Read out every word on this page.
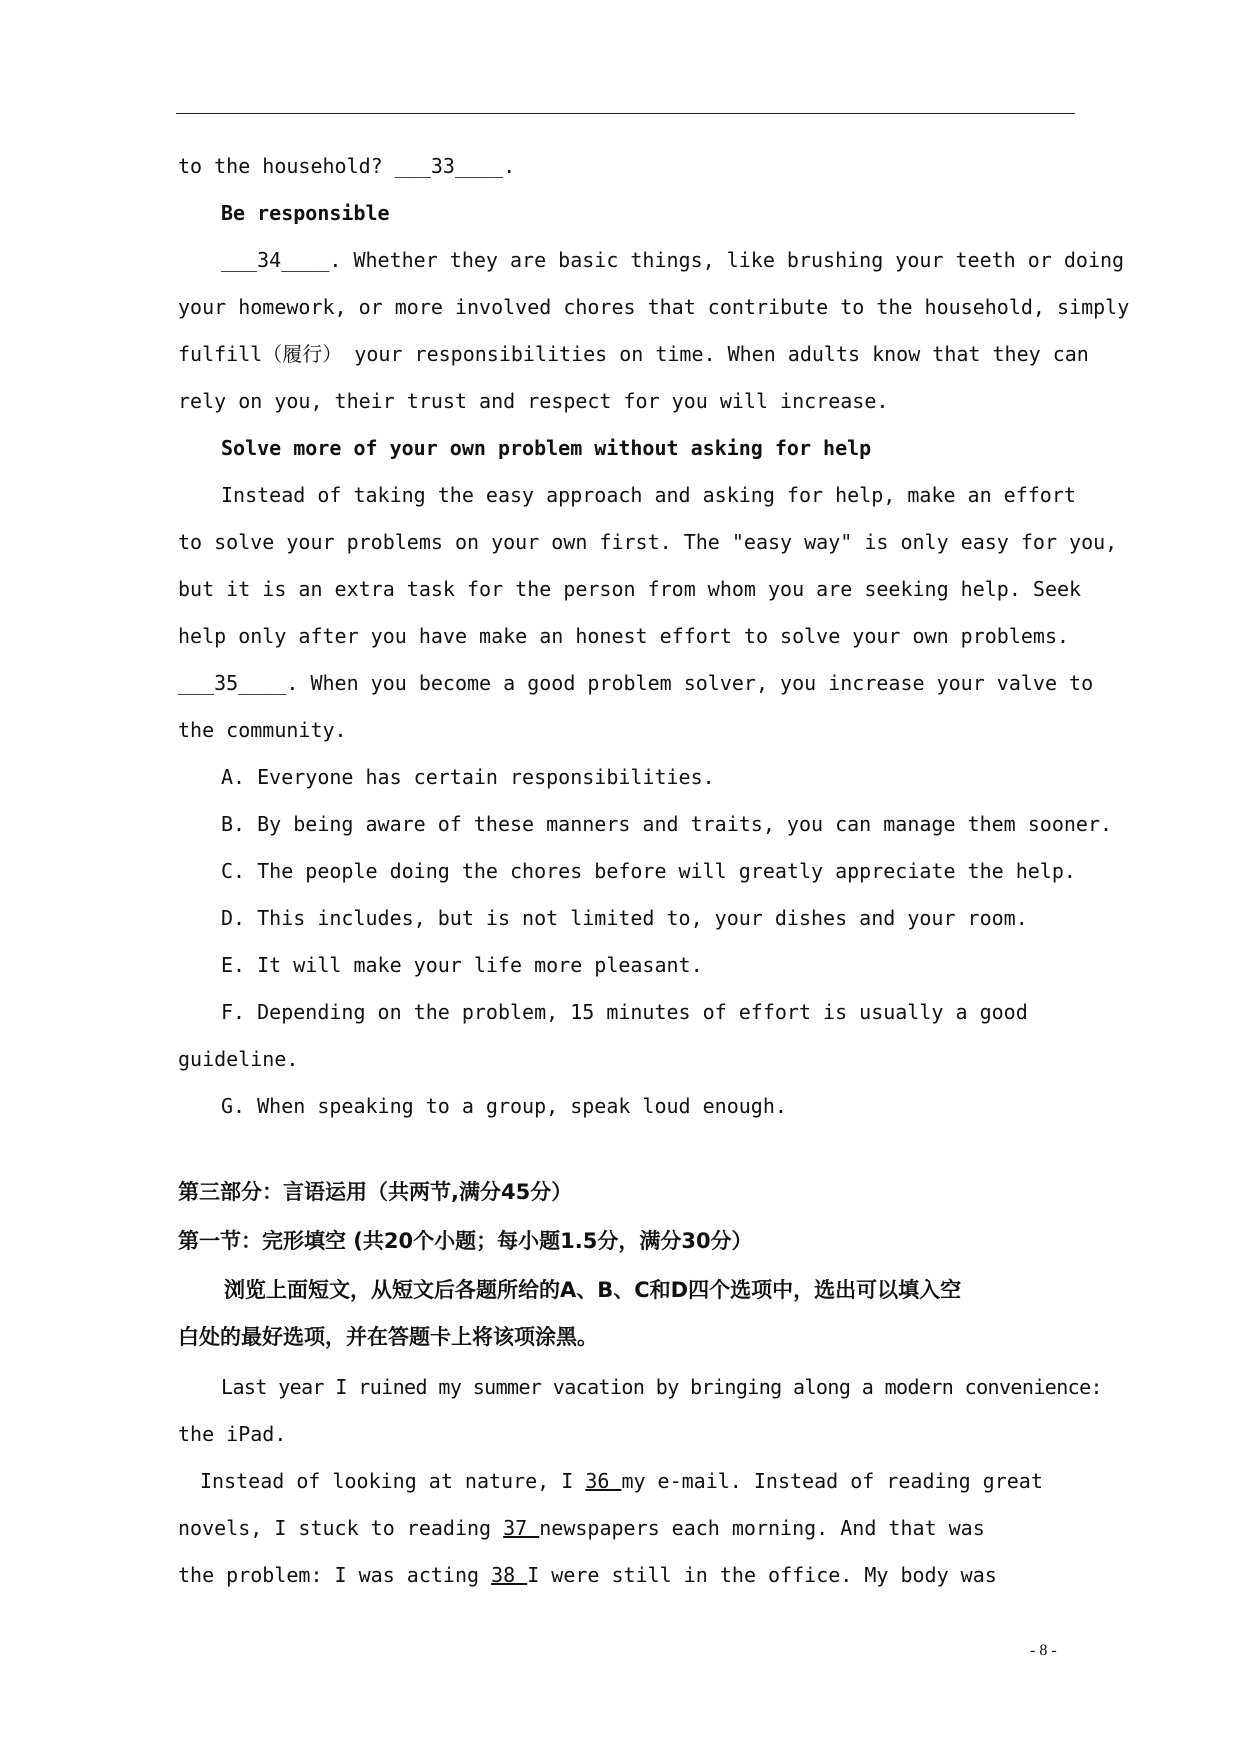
to the household? ___33____.
Be responsible
___34____. Whether they are basic things, like brushing your teeth or doing
your homework, or more involved chores that contribute to the household, simply
fulfill（履行） your responsibilities on time. When adults know that they can
rely on you, their trust and respect for you will increase.
Solve more of your own problem without asking for help
Instead of taking the easy approach and asking for help, make an effort
to solve your problems on your own first. The "easy way" is only easy for you,
but it is an extra task for the person from whom you are seeking help. Seek
help only after you have make an honest effort to solve your own problems.
___35____. When you become a good problem solver, you increase your valve to
the community.
A. Everyone has certain responsibilities.
B. By being aware of these manners and traits, you can manage them sooner.
C. The people doing the chores before will greatly appreciate the help.
D. This includes, but is not limited to, your dishes and your room.
E. It will make your life more pleasant.
F. Depending on the problem, 15 minutes of effort is usually a good
guideline.
G. When speaking to a group, speak loud enough.
第三部分：言语运用（共两节,满分45分）
第一节：完形填空 (共20个小题；每小题1.5分，满分30分）
浏览上面短文，从短文后各题所给的A、B、C和D四个选项中，选出可以填入空
白处的最好选项，并在答题卡上将该项涂黑。
Last year I ruined my summer vacation by bringing along a modern convenience:
the iPad.
Instead of looking at nature, I 36 my e-mail. Instead of reading great
novels, I stuck to reading 37 newspapers each morning. And that was
the problem: I was acting 38 I were still in the office. My body was
- 8 -
